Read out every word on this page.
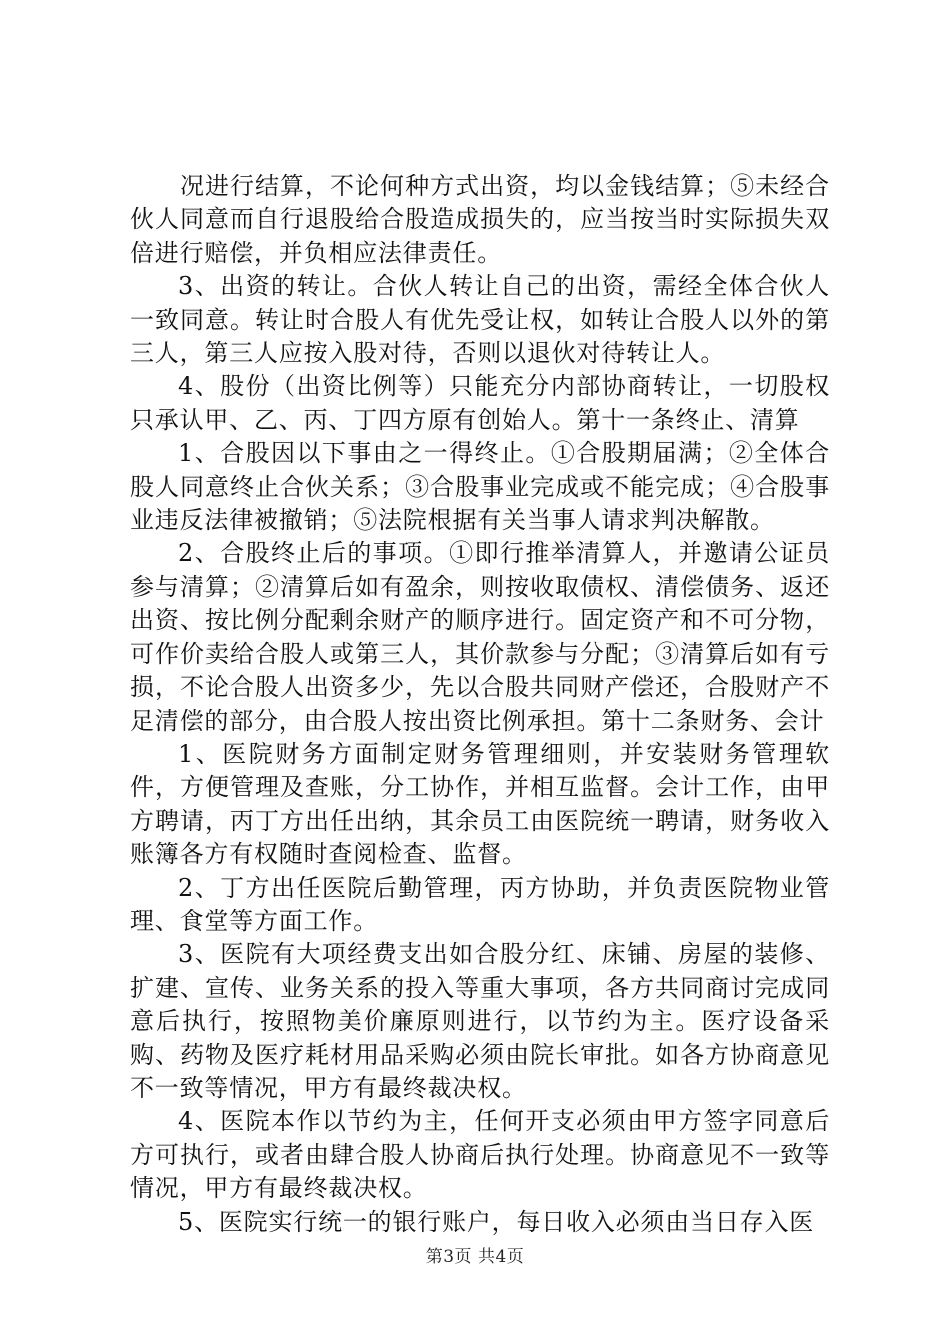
况进行结算，不论何种方式出资，均以金钱结算；⑤未经合伙人同意而自行退股给合股造成损失的，应当按当时实际损失双倍进行赔偿，并负相应法律责任。

3、出资的转让。合伙人转让自己的出资，需经全体合伙人一致同意。转让时合股人有优先受让权，如转让合股人以外的第三人，第三人应按入股对待，否则以退伙对待转让人。

4、股份（出资比例等）只能充分内部协商转让，一切股权只承认甲、乙、丙、丁四方原有创始人。第十一条终止、清算

1、合股因以下事由之一得终止。①合股期届满；②全体合股人同意终止合伙关系；③合股事业完成或不能完成；④合股事业违反法律被撤销；⑤法院根据有关当事人请求判决解散。

2、合股终止后的事项。①即行推举清算人，并邀请公证员参与清算；②清算后如有盈余，则按收取债权、清偿债务、返还出资、按比例分配剩余财产的顺序进行。固定资产和不可分物，可作价卖给合股人或第三人，其价款参与分配；③清算后如有亏损，不论合股人出资多少，先以合股共同财产偿还，合股财产不足清偿的部分，由合股人按出资比例承担。第十二条财务、会计

1、医院财务方面制定财务管理细则，并安装财务管理软件，方便管理及查账，分工协作，并相互监督。会计工作，由甲方聘请，丙丁方出任出纳，其余员工由医院统一聘请，财务收入账簿各方有权随时查阅检查、监督。

2、丁方出任医院后勤管理，丙方协助，并负责医院物业管理、食堂等方面工作。

3、医院有大项经费支出如合股分红、床铺、房屋的装修、扩建、宣传、业务关系的投入等重大事项，各方共同商讨完成同意后执行，按照物美价廉原则进行，以节约为主。医疗设备采购、药物及医疗耗材用品采购必须由院长审批。如各方协商意见不一致等情况，甲方有最终裁决权。

4、医院本作以节约为主，任何开支必须由甲方签字同意后方可执行，或者由肆合股人协商后执行处理。协商意见不一致等情况，甲方有最终裁决权。

5、医院实行统一的银行账户，每日收入必须由当日存入医

第3页 共4页
